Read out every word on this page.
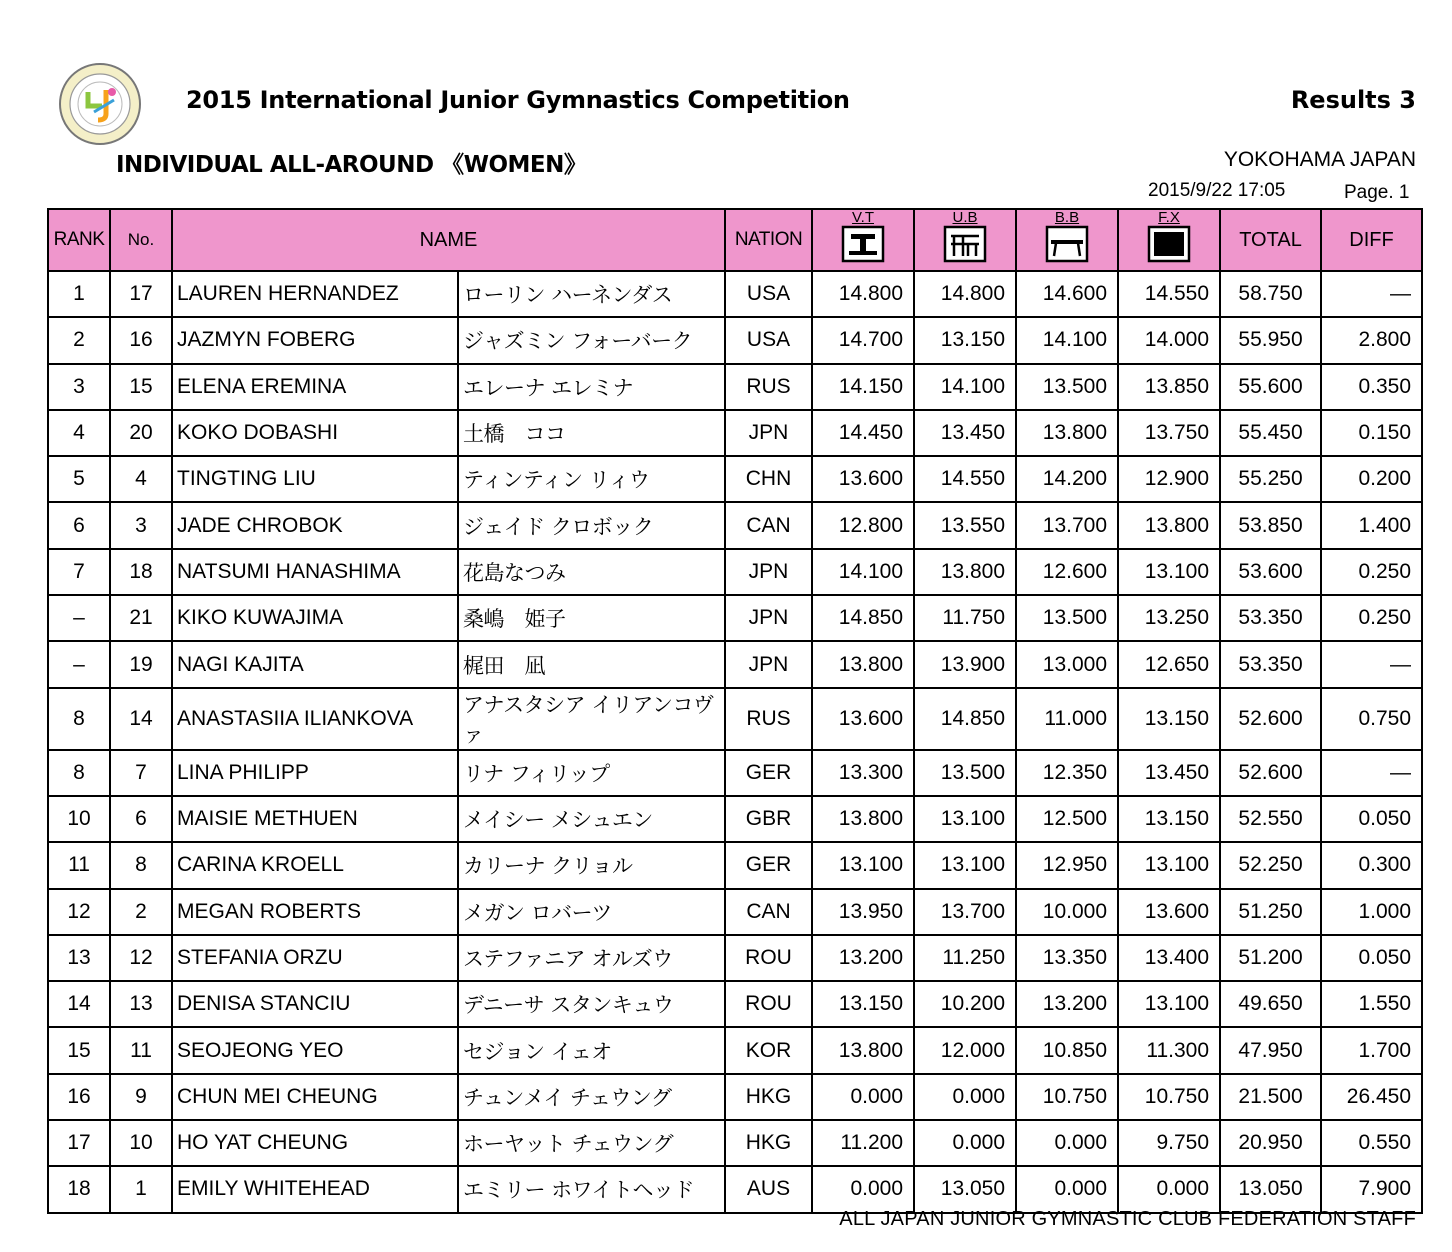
2015 International Junior Gymnastics Competition	Results 3
INDIVIDUAL ALL-AROUND 《WOMEN》	YOKOHAMA JAPAN
2015/9/22 17:05	Page. 1
RANK	No.	NAME		NATION	V.T	U.B	B.B	F.X	TOTAL	DIFF
1	17	LAUREN HERNANDEZ	ローリン ハーネンダス	USA	14.800	14.800	14.600	14.550	58.750	—
2	16	JAZMYN FOBERG	ジャズミン フォーバーク	USA	14.700	13.150	14.100	14.000	55.950	2.800
3	15	ELENA EREMINA	エレーナ エレミナ	RUS	14.150	14.100	13.500	13.850	55.600	0.350
4	20	KOKO DOBASHI	土橋　ココ	JPN	14.450	13.450	13.800	13.750	55.450	0.150
5	4	TINGTING LIU	ティンティン リィウ	CHN	13.600	14.550	14.200	12.900	55.250	0.200
6	3	JADE CHROBOK	ジェイド クロボック	CAN	12.800	13.550	13.700	13.800	53.850	1.400
7	18	NATSUMI HANASHIMA	花島なつみ	JPN	14.100	13.800	12.600	13.100	53.600	0.250
–	21	KIKO KUWAJIMA	桑嶋　姫子	JPN	14.850	11.750	13.500	13.250	53.350	0.250
–	19	NAGI KAJITA	梶田　凪	JPN	13.800	13.900	13.000	12.650	53.350	—
8	14	ANASTASIIA ILIANKOVA	アナスタシア イリアンコヴァ	RUS	13.600	14.850	11.000	13.150	52.600	0.750
8	7	LINA PHILIPP	リナ フィリップ	GER	13.300	13.500	12.350	13.450	52.600	—
10	6	MAISIE METHUEN	メイシー メシュエン	GBR	13.800	13.100	12.500	13.150	52.550	0.050
11	8	CARINA KROELL	カリーナ クリョル	GER	13.100	13.100	12.950	13.100	52.250	0.300
12	2	MEGAN ROBERTS	メガン ロバーツ	CAN	13.950	13.700	10.000	13.600	51.250	1.000
13	12	STEFANIA ORZU	ステファニア オルズウ	ROU	13.200	11.250	13.350	13.400	51.200	0.050
14	13	DENISA STANCIU	デニーサ スタンキュウ	ROU	13.150	10.200	13.200	13.100	49.650	1.550
15	11	SEOJEONG YEO	セジョン イェオ	KOR	13.800	12.000	10.850	11.300	47.950	1.700
16	9	CHUN MEI CHEUNG	チュンメイ チェウング	HKG	0.000	0.000	10.750	10.750	21.500	26.450
17	10	HO YAT CHEUNG	ホーヤット チェウング	HKG	11.200	0.000	0.000	9.750	20.950	0.550
18	1	EMILY WHITEHEAD	エミリー ホワイトヘッド	AUS	0.000	13.050	0.000	0.000	13.050	7.900
ALL JAPAN JUNIOR GYMNASTIC CLUB FEDERATION STAFF
